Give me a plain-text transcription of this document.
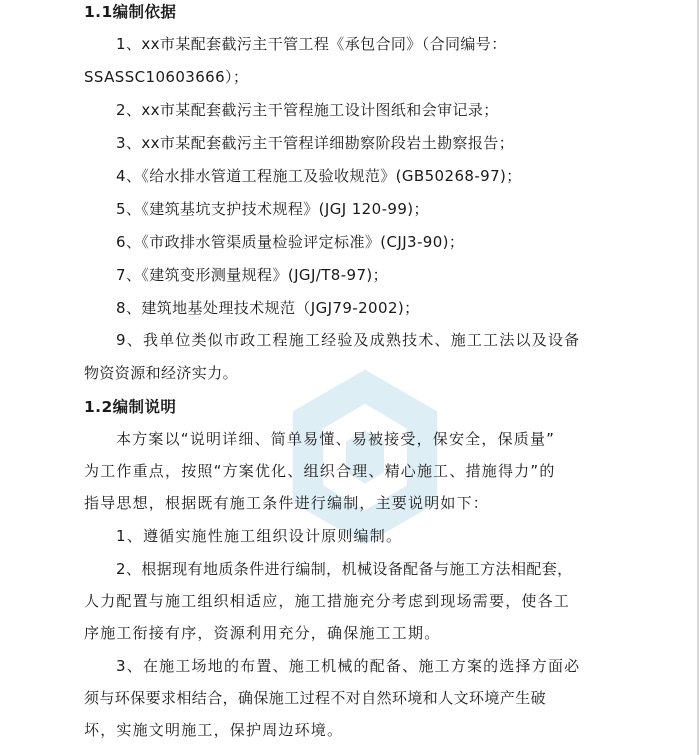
1.1编制依据
1、xx市某配套截污主干管工程《承包合同》（合同编号：
SSASSC10603666）；
2、xx市某配套截污主干管程施工设计图纸和会审记录；
3、xx市某配套截污主干管程详细勘察阶段岩土勘察报告；
4、《给水排水管道工程施工及验收规范》(GB50268-97)；
5、《建筑基坑支护技术规程》(JGJ 120-99)；
6、《市政排水管渠质量检验评定标准》(CJJ3-90)；
7、《建筑变形测量规程》(JGJ/T8-97)；
8、建筑地基处理技术规范（JGJ79-2002)；
9、我单位类似市政工程施工经验及成熟技术、施工工法以及设备
物资资源和经济实力。
1.2编制说明
本方案以“说明详细、简单易懂、易被接受，保安全，保质量”
为工作重点，按照“方案优化、组织合理、精心施工、措施得力”的
指导思想，根据既有施工条件进行编制，主要说明如下：
1、遵循实施性施工组织设计原则编制。
2、根据现有地质条件进行编制，机械设备配备与施工方法相配套，
人力配置与施工组织相适应，施工措施充分考虑到现场需要，使各工
序施工衔接有序，资源利用充分，确保施工工期。
3、在施工场地的布置、施工机械的配备、施工方案的选择方面必
须与环保要求相结合，确保施工过程不对自然环境和人文环境产生破
坏，实施文明施工，保护周边环境。
